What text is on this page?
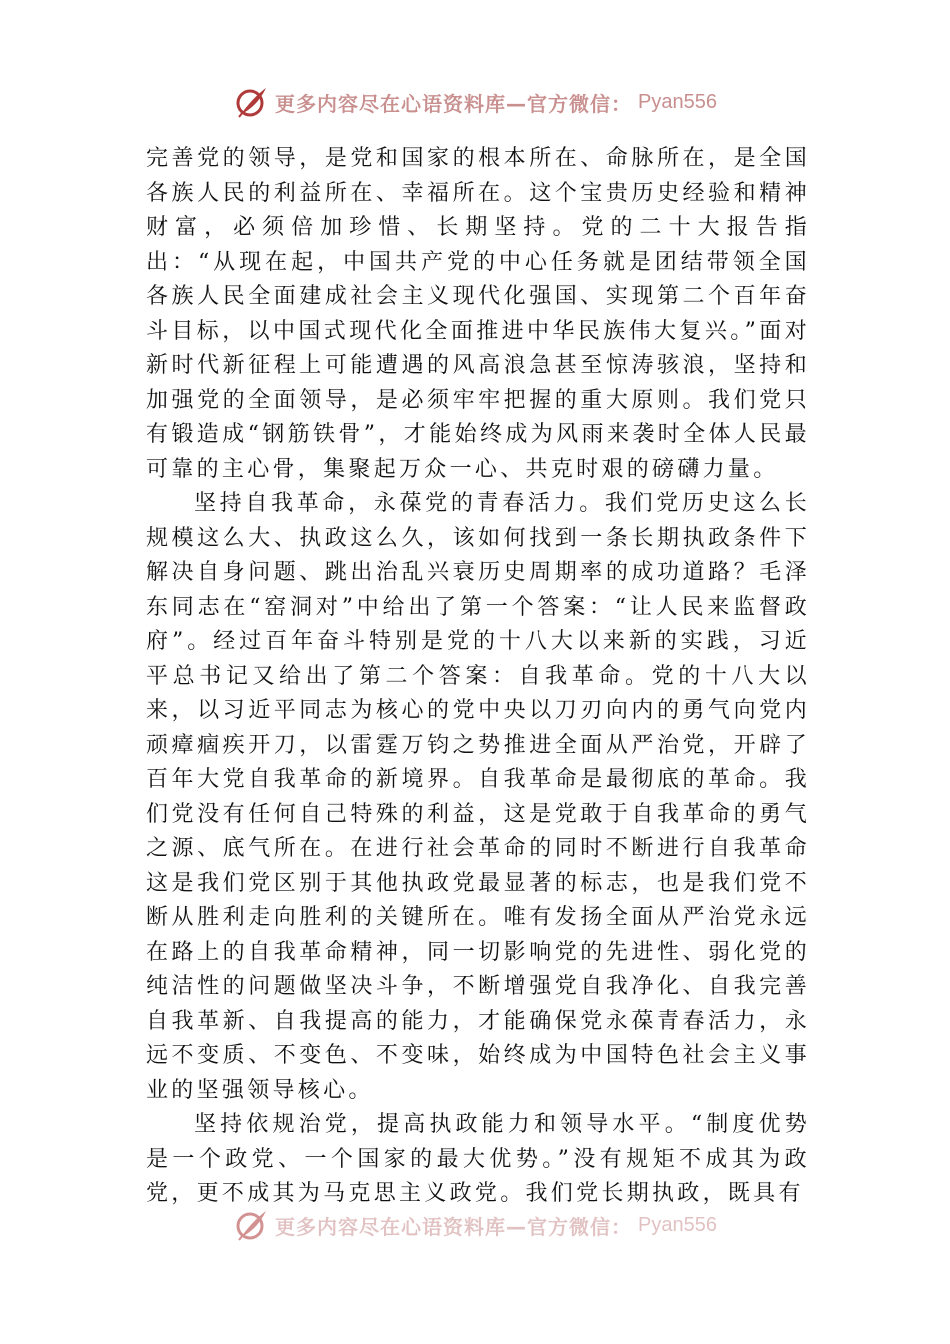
更多内容尽在心语资料库—官方微信： Pyan556

完善党的领导，是党和国家的根本所在、命脉所在，是全国各族人民的利益所在、幸福所在。这个宝贵历史经验和精神财富，必须倍加珍惜、长期坚持。党的二十大报告指出：“从现在起，中国共产党的中心任务就是团结带领全国各族人民全面建成社会主义现代化强国、实现第二个百年奋斗目标，以中国式现代化全面推进中华民族伟大复兴。”面对新时代新征程上可能遭遇的风高浪急甚至惊涛骇浪，坚持和加强党的全面领导，是必须牢牢把握的重大原则。我们党只有锻造成“钢筋铁骨”，才能始终成为风雨来袭时全体人民最可靠的主心骨，集聚起万众一心、共克时艰的磅礴力量。

坚持自我革命，永葆党的青春活力。我们党历史这么长规模这么大、执政这么久，该如何找到一条长期执政条件下解决自身问题、跳出治乱兴衰历史周期率的成功道路？毛泽东同志在“窑洞对”中给出了第一个答案：“让人民来监督政府”。经过百年奋斗特别是党的十八大以来新的实践，习近平总书记又给出了第二个答案：自我革命。党的十八大以来，以习近平同志为核心的党中央以刀刃向内的勇气向党内顽瘴痼疾开刀，以雷霆万钧之势推进全面从严治党，开辟了百年大党自我革命的新境界。自我革命是最彻底的革命。我们党没有任何自己特殊的利益，这是党敢于自我革命的勇气之源、底气所在。在进行社会革命的同时不断进行自我革命这是我们党区别于其他执政党最显著的标志，也是我们党不断从胜利走向胜利的关键所在。唯有发扬全面从严治党永远在路上的自我革命精神，同一切影响党的先进性、弱化党的纯洁性的问题做坚决斗争，不断增强党自我净化、自我完善自我革新、自我提高的能力，才能确保党永葆青春活力，永远不变质、不变色、不变味，始终成为中国特色社会主义事业的坚强领导核心。

坚持依规治党，提高执政能力和领导水平。“制度优势是一个政党、一个国家的最大优势。”没有规矩不成其为政党，更不成其为马克思主义政党。我们党长期执政，既具有

更多内容尽在心语资料库—官方微信： Pyan556
